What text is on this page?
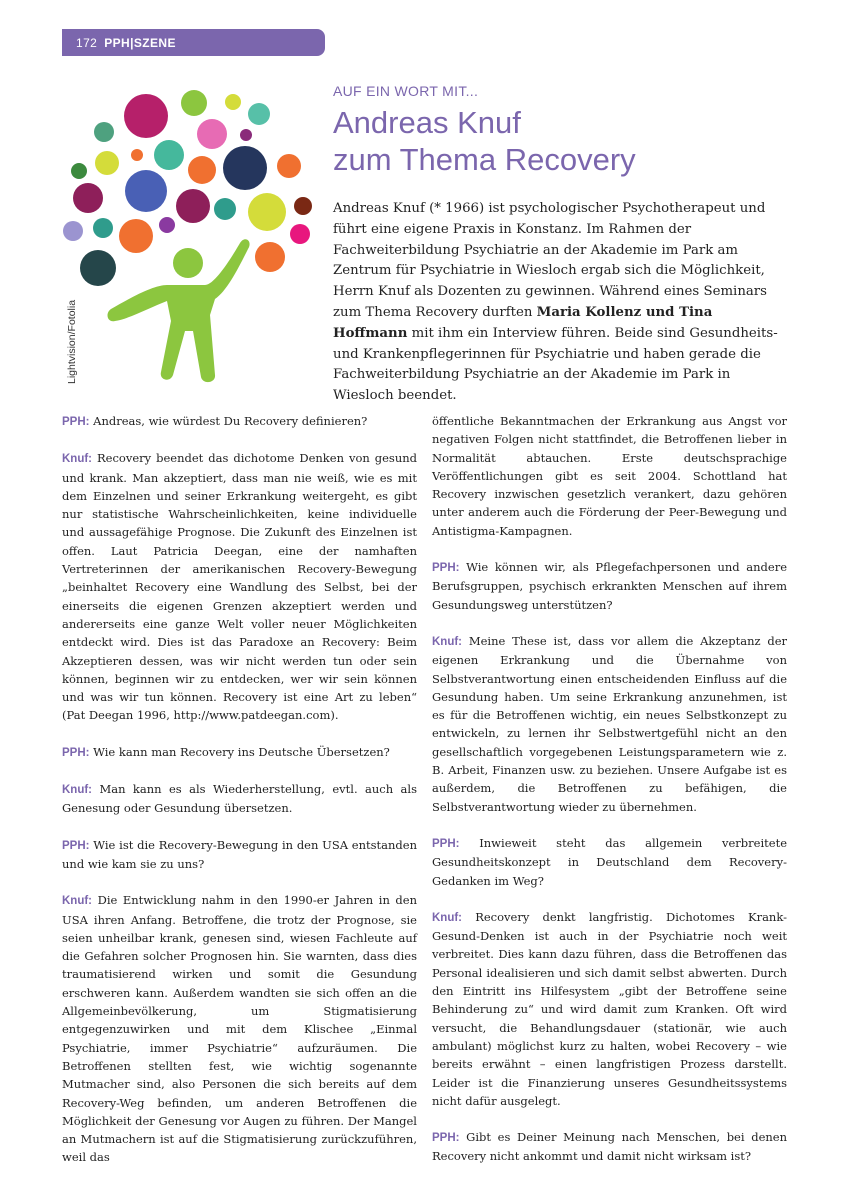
172 PPH|SZENE
Lightvision/Fotolia
AUF EIN WORT MIT...
Andreas Knuf
zum Thema Recovery

Andreas Knuf (* 1966) ist psychologischer Psychotherapeut und führt eine eigene Praxis in Konstanz. Im Rahmen der Fachweiterbildung Psychiatrie an der Akademie im Park am Zentrum für Psychiatrie in Wiesloch ergab sich die Möglichkeit, Herrn Knuf als Dozenten zu gewinnen. Während eines Seminars zum Thema Recovery durften Maria Kollenz und Tina Hoffmann mit ihm ein Interview führen. Beide sind Gesundheits- und Krankenpflegerinnen für Psychiatrie und haben gerade die Fachweiterbildung Psychiatrie an der Akademie im Park in Wiesloch beendet.

PPH: Andreas, wie würdest Du Recovery definieren?

Knuf: Recovery beendet das dichotome Denken von gesund und krank. Man akzeptiert, dass man nie weiß, wie es mit dem Einzelnen und seiner Erkrankung weitergeht, es gibt nur statistische Wahrscheinlichkeiten, keine individuelle und aussagefähige Prognose. Die Zukunft des Einzelnen ist offen. Laut Patricia Deegan, eine der namhaften Vertreterinnen der amerikanischen Recovery-Bewegung „beinhaltet Recovery eine Wandlung des Selbst, bei der einerseits die eigenen Grenzen akzeptiert werden und andererseits eine ganze Welt voller neuer Möglichkeiten entdeckt wird. Dies ist das Paradoxe an Recovery: Beim Akzeptieren dessen, was wir nicht werden tun oder sein können, beginnen wir zu entdecken, wer wir sein können und was wir tun können. Recovery ist eine Art zu leben“ (Pat Deegan 1996, http://www.patdeegan.com).

PPH: Wie kann man Recovery ins Deutsche Übersetzen?

Knuf: Man kann es als Wiederherstellung, evtl. auch als Genesung oder Gesundung übersetzen.

PPH: Wie ist die Recovery-Bewegung in den USA entstanden und wie kam sie zu uns?

Knuf: Die Entwicklung nahm in den 1990-er Jahren in den USA ihren Anfang. Betroffene, die trotz der Prognose, sie seien unheilbar krank, genesen sind, wiesen Fachleute auf die Gefahren solcher Prognosen hin. Sie warnten, dass dies traumatisierend wirken und somit die Gesundung erschweren kann. Außerdem wandten sie sich offen an die Allgemeinbevölkerung, um Stigmatisierung entgegenzuwirken und mit dem Klischee „Einmal Psychiatrie, immer Psychiatrie“ aufzuräumen. Die Betroffenen stellten fest, wie wichtig sogenannte Mutmacher sind, also Personen die sich bereits auf dem Recovery-Weg befinden, um anderen Betroffenen die Möglichkeit der Genesung vor Augen zu führen. Der Mangel an Mutmachern ist auf die Stigmatisierung zurückzuführen, weil das

öffentliche Bekanntmachen der Erkrankung aus Angst vor negativen Folgen nicht stattfindet, die Betroffenen lieber in Normalität abtauchen. Erste deutschsprachige Veröffentlichungen gibt es seit 2004. Schottland hat Recovery inzwischen gesetzlich verankert, dazu gehören unter anderem auch die Förderung der Peer-Bewegung und Antistigma-Kampagnen.

PPH: Wie können wir, als Pflegefachpersonen und andere Berufsgruppen, psychisch erkrankten Menschen auf ihrem Gesundungsweg unterstützen?

Knuf: Meine These ist, dass vor allem die Akzeptanz der eigenen Erkrankung und die Übernahme von Selbstverantwortung einen entscheidenden Einfluss auf die Gesundung haben. Um seine Erkrankung anzunehmen, ist es für die Betroffenen wichtig, ein neues Selbstkonzept zu entwickeln, zu lernen ihr Selbstwertgefühl nicht an den gesellschaftlich vorgegebenen Leistungsparametern wie z. B. Arbeit, Finanzen usw. zu beziehen. Unsere Aufgabe ist es außerdem, die Betroffenen zu befähigen, die Selbstverantwortung wieder zu übernehmen.

PPH: Inwieweit steht das allgemein verbreitete Gesundheitskonzept in Deutschland dem Recovery-Gedanken im Weg?

Knuf: Recovery denkt langfristig. Dichotomes Krank-Gesund-Denken ist auch in der Psychiatrie noch weit verbreitet. Dies kann dazu führen, dass die Betroffenen das Personal idealisieren und sich damit selbst abwerten. Durch den Eintritt ins Hilfesystem „gibt der Betroffene seine Behinderung zu“ und wird damit zum Kranken. Oft wird versucht, die Behandlungsdauer (stationär, wie auch ambulant) möglichst kurz zu halten, wobei Recovery – wie bereits erwähnt – einen langfristigen Prozess darstellt. Leider ist die Finanzierung unseres Gesundheitssystems nicht dafür ausgelegt.

PPH: Gibt es Deiner Meinung nach Menschen, bei denen Recovery nicht ankommt und damit nicht wirksam ist?
